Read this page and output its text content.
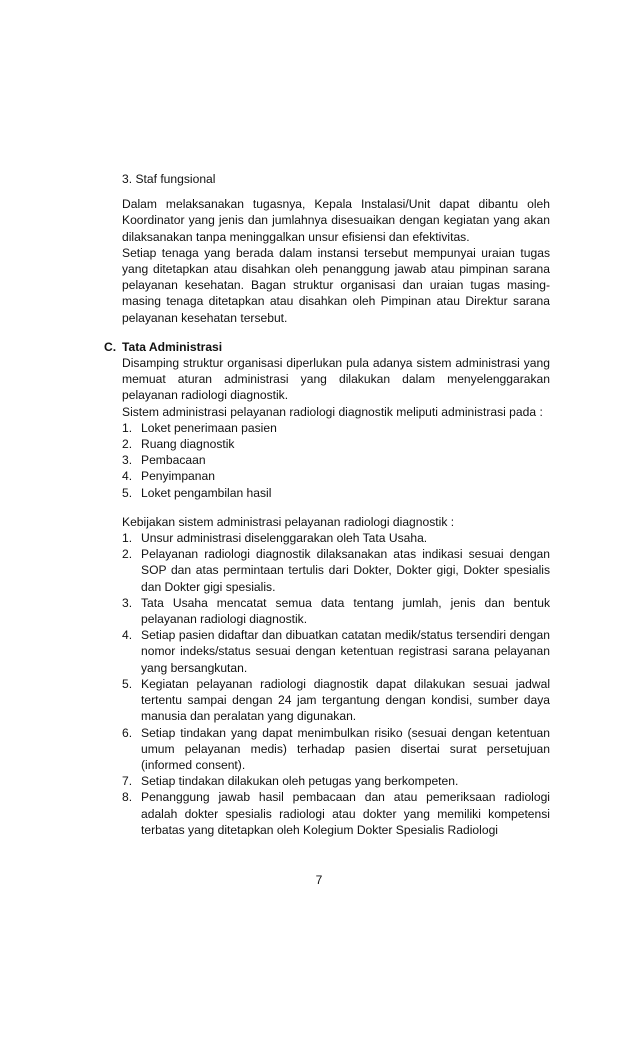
3. Staf fungsional

Dalam melaksanakan tugasnya, Kepala Instalasi/Unit dapat dibantu oleh Koordinator yang jenis dan jumlahnya disesuaikan dengan kegiatan yang akan dilaksanakan tanpa meninggalkan unsur efisiensi dan efektivitas.

Setiap tenaga yang berada dalam instansi tersebut mempunyai uraian tugas yang ditetapkan atau disahkan oleh penanggung jawab atau pimpinan sarana pelayanan kesehatan. Bagan struktur organisasi dan uraian tugas masing-masing tenaga ditetapkan atau disahkan oleh Pimpinan atau Direktur sarana pelayanan kesehatan tersebut.

C. Tata Administrasi

Disamping struktur organisasi diperlukan pula adanya sistem administrasi yang memuat aturan administrasi yang dilakukan dalam menyelenggarakan pelayanan radiologi diagnostik.

Sistem administrasi pelayanan radiologi diagnostik meliputi administrasi pada :

1. Loket penerimaan pasien
2. Ruang diagnostik
3. Pembacaan
4. Penyimpanan
5. Loket pengambilan hasil

Kebijakan sistem administrasi pelayanan radiologi diagnostik :

1. Unsur administrasi diselenggarakan oleh Tata Usaha.
2. Pelayanan radiologi diagnostik dilaksanakan atas indikasi sesuai dengan SOP dan atas permintaan tertulis dari Dokter, Dokter gigi, Dokter spesialis dan Dokter gigi spesialis.
3. Tata Usaha mencatat semua data tentang jumlah, jenis dan bentuk pelayanan radiologi diagnostik.
4. Setiap pasien didaftar dan dibuatkan catatan medik/status tersendiri dengan nomor indeks/status sesuai dengan ketentuan registrasi sarana pelayanan yang bersangkutan.
5. Kegiatan pelayanan radiologi diagnostik dapat dilakukan sesuai jadwal tertentu sampai dengan 24 jam tergantung dengan kondisi, sumber daya manusia dan peralatan yang digunakan.
6. Setiap tindakan yang dapat menimbulkan risiko (sesuai dengan ketentuan umum pelayanan medis) terhadap pasien disertai surat persetujuan (informed consent).
7. Setiap tindakan dilakukan oleh petugas yang berkompeten.
8. Penanggung jawab hasil pembacaan dan atau pemeriksaan radiologi adalah dokter spesialis radiologi atau dokter yang memiliki kompetensi terbatas yang ditetapkan oleh Kolegium Dokter Spesialis Radiologi
7
